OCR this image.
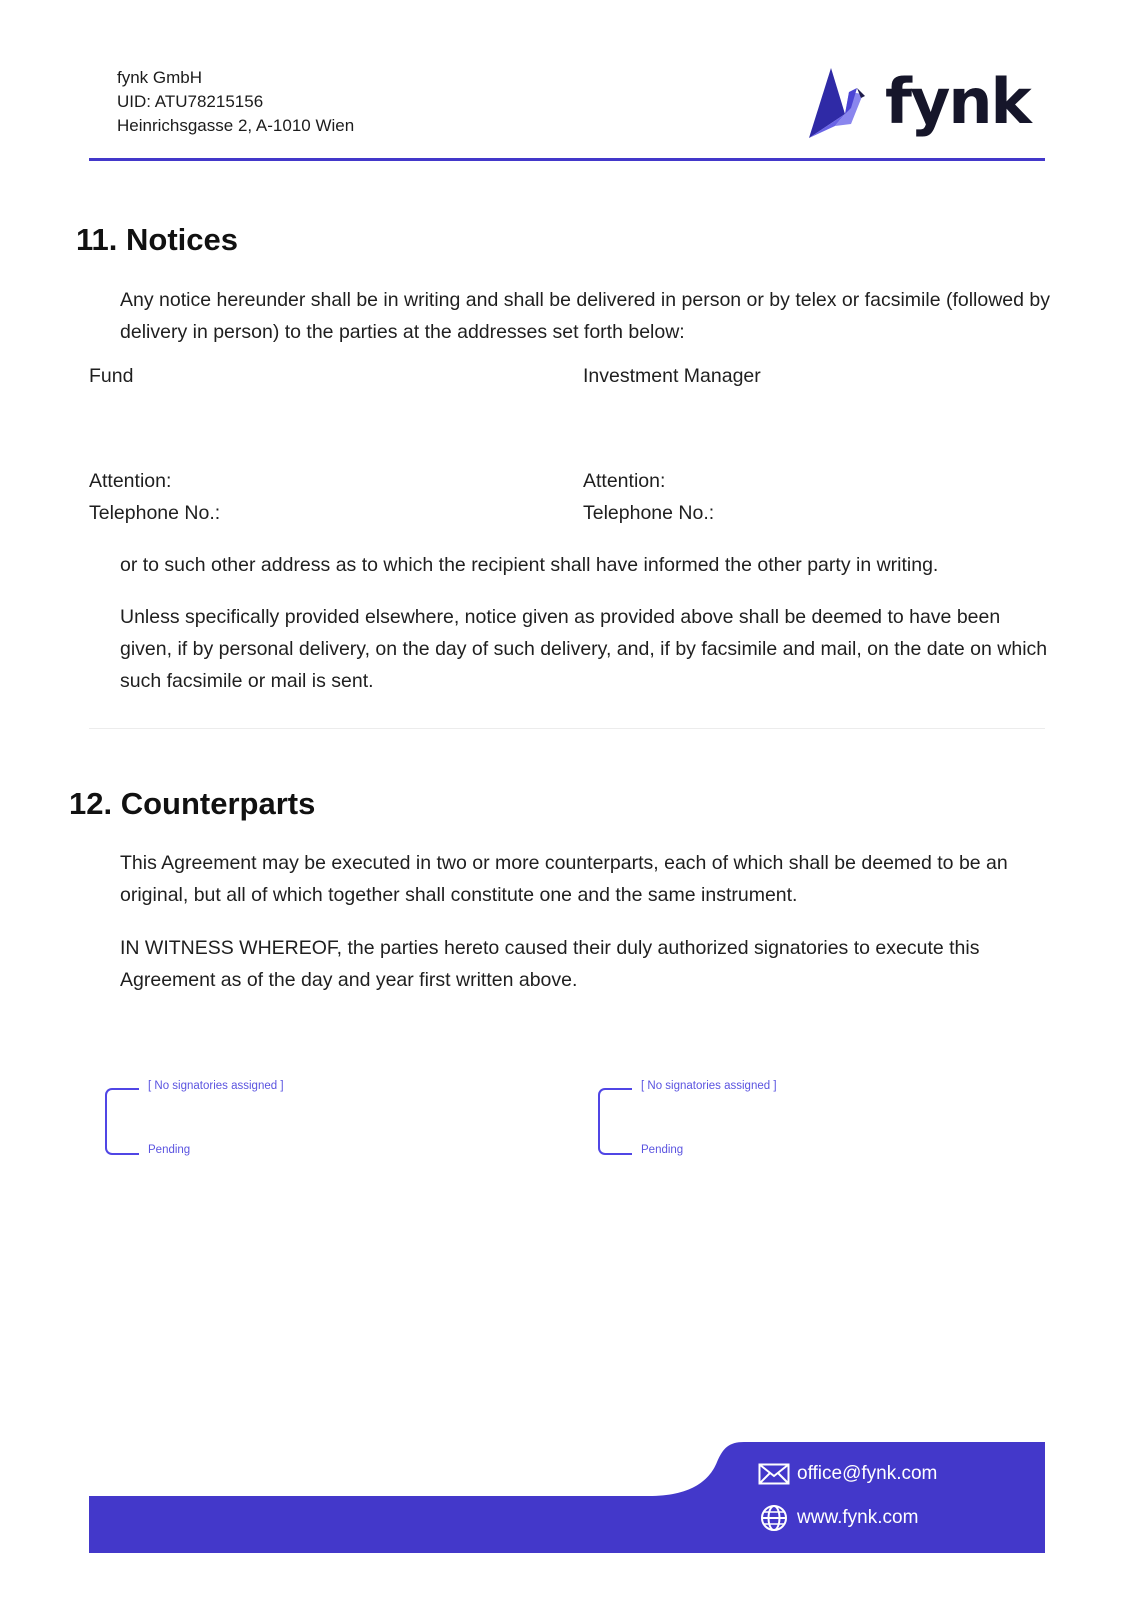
fynk GmbH
UID: ATU78215156
Heinrichsgasse 2, A-1010 Wien	fynk
11. Notices

Any notice hereunder shall be in writing and shall be delivered in person or by telex or facsimile (followed by delivery in person) to the parties at the addresses set forth below:

Fund	Investment Manager
Attention:
Telephone No.:
Attention:
Telephone No.:

or to such other address as to which the recipient shall have informed the other party in writing.

Unless specifically provided elsewhere, notice given as provided above shall be deemed to have been given, if by personal delivery, on the day of such delivery, and, if by facsimile and mail, on the date on which such facsimile or mail is sent.

12. Counterparts

This Agreement may be executed in two or more counterparts, each of which shall be deemed to be an original, but all of which together shall constitute one and the same instrument.

IN WITNESS WHEREOF, the parties hereto caused their duly authorized signatories to execute this Agreement as of the day and year first written above.

[ No signatories assigned ]
Pending
[ No signatories assigned ]
Pending
office@fynk.com
www.fynk.com
